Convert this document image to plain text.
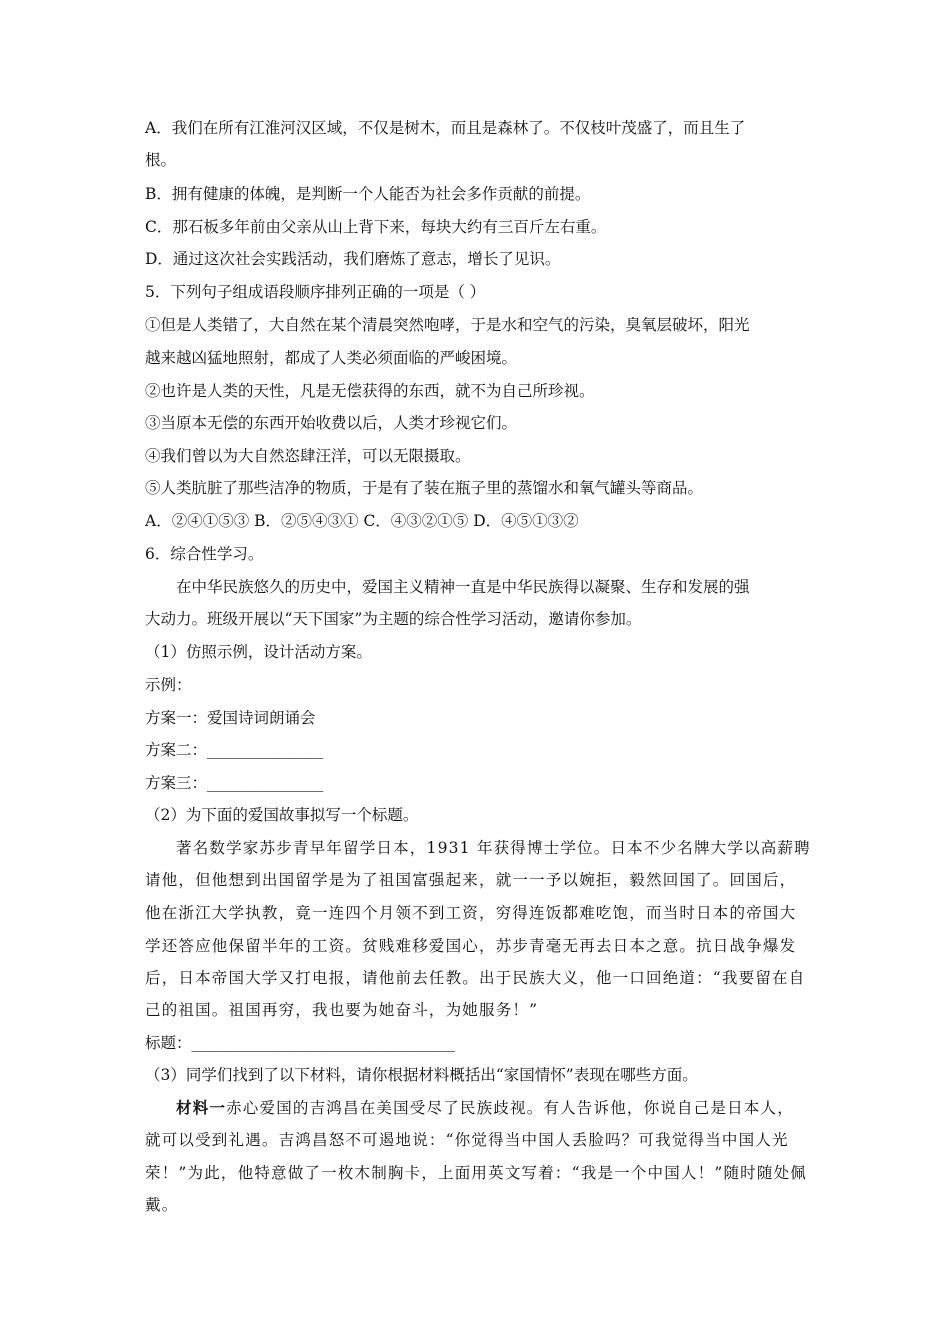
A．我们在所有江淮河汉区域，不仅是树木，而且是森林了。不仅枝叶茂盛了，而且生了
根。
B．拥有健康的体魄，是判断一个人能否为社会多作贡献的前提。
C．那石板多年前由父亲从山上背下来，每块大约有三百斤左右重。
D．通过这次社会实践活动，我们磨炼了意志，增长了见识。
5．下列句子组成语段顺序排列正确的一项是（ ）
①但是人类错了，大自然在某个清晨突然咆哮，于是水和空气的污染，臭氧层破坏，阳光
越来越凶猛地照射，都成了人类必须面临的严峻困境。
②也许是人类的天性，凡是无偿获得的东西，就不为自己所珍视。
③当原本无偿的东西开始收费以后，人类才珍视它们。
④我们曾以为大自然恣肆汪洋，可以无限摄取。
⑤人类肮脏了那些洁净的物质，于是有了装在瓶子里的蒸馏水和氧气罐头等商品。
A．②④①⑤③ B．②⑤④③① C．④③②①⑤ D．④⑤①③②
6．综合性学习。
在中华民族悠久的历史中，爱国主义精神一直是中华民族得以凝聚、生存和发展的强
大动力。班级开展以“天下国家”为主题的综合性学习活动，邀请你参加。
（1）仿照示例，设计活动方案。
示例：
方案一：爱国诗词朗诵会
方案二：_______________
方案三：_______________
（2）为下面的爱国故事拟写一个标题。
著名数学家苏步青早年留学日本，1931 年获得博士学位。日本不少名牌大学以高薪聘
请他，但他想到出国留学是为了祖国富强起来，就一一予以婉拒，毅然回国了。回国后，
他在浙江大学执教，竟一连四个月领不到工资，穷得连饭都难吃饱，而当时日本的帝国大
学还答应他保留半年的工资。贫贱难移爱国心，苏步青毫无再去日本之意。抗日战争爆发
后，日本帝国大学又打电报，请他前去任教。出于民族大义，他一口回绝道：“我要留在自
己的祖国。祖国再穷，我也要为她奋斗，为她服务！”
标题：__________________________________
（3）同学们找到了以下材料，请你根据材料概括出“家国情怀”表现在哪些方面。
材料一赤心爱国的吉鸿昌在美国受尽了民族歧视。有人告诉他，你说自己是日本人，
就可以受到礼遇。吉鸿昌怒不可遏地说：“你觉得当中国人丢脸吗？可我觉得当中国人光
荣！”为此，他特意做了一枚木制胸卡，上面用英文写着：“我是一个中国人！”随时随处佩
戴。
